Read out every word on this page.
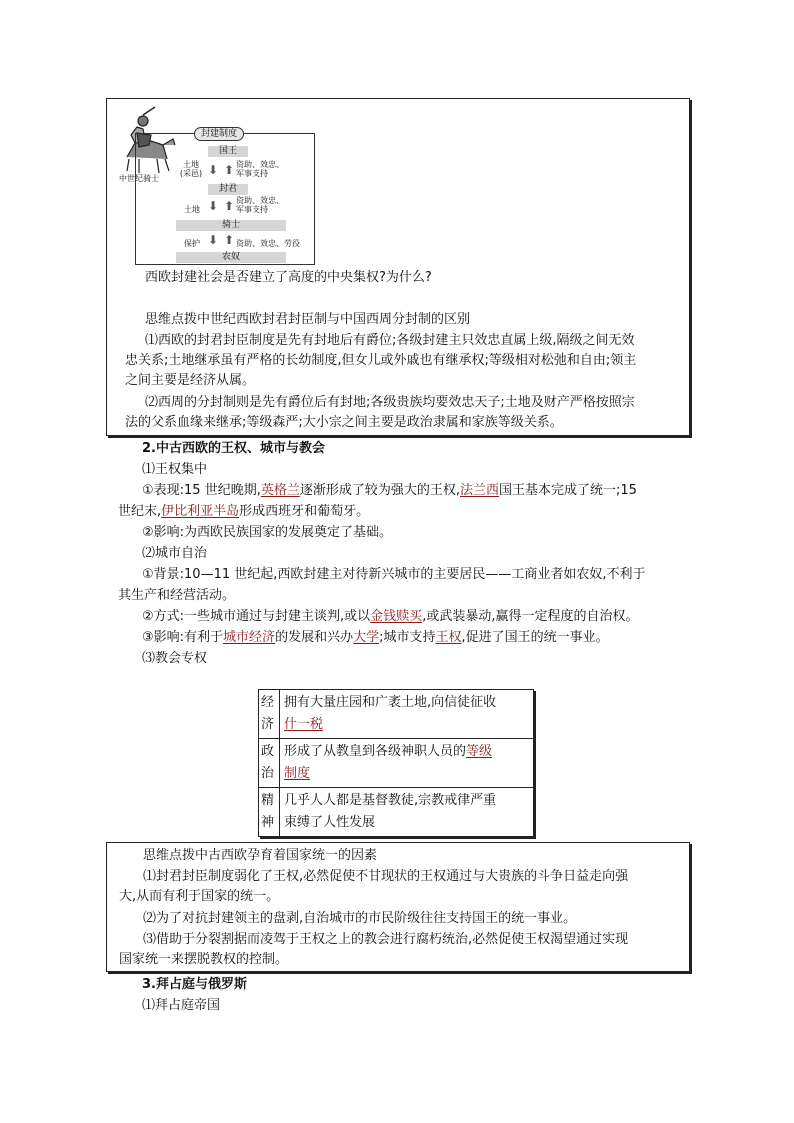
中世纪骑士
封建制度
国王
土地
(采邑) ⬇ ⬆ 资助、效忠、
军事支持
封君
土地 ⬇ ⬆ 资助、效忠、
军事支持
骑士
保护 ⬇ ⬆ 资助、效忠、劳役
农奴
西欧封建社会是否建立了高度的中央集权?为什么?
思维点拨中世纪西欧封君封臣制与中国西周分封制的区别
⑴西欧的封君封臣制度是先有封地后有爵位;各级封建主只效忠直属上级,隔级之间无效
忠关系;土地继承虽有严格的长幼制度,但女儿或外戚也有继承权;等级相对松弛和自由;领主
之间主要是经济从属。
⑵西周的分封制则是先有爵位后有封地;各级贵族均要效忠天子;土地及财产严格按照宗
法的父系血缘来继承;等级森严;大小宗之间主要是政治隶属和家族等级关系。
2.中古西欧的王权、城市与教会
⑴王权集中
①表现:15 世纪晚期,英格兰逐渐形成了较为强大的王权,法兰西国王基本完成了统一;15
世纪末,伊比利亚半岛形成西班牙和葡萄牙。
②影响:为西欧民族国家的发展奠定了基础。
⑵城市自治
①背景:10—11 世纪起,西欧封建主对待新兴城市的主要居民——工商业者如农奴,不利于
其生产和经营活动。
②方式:一些城市通过与封建主谈判,或以金钱赎买,或武装暴动,赢得一定程度的自治权。
③影响:有利于城市经济的发展和兴办大学;城市支持王权,促进了国王的统一事业。
⑶教会专权
经
济	拥有大量庄园和广袤土地,向信徒征收
什一税
政
治	形成了从教皇到各级神职人员的等级
制度
精
神	几乎人人都是基督教徒,宗教戒律严重
束缚了人性发展
思维点拨中古西欧孕育着国家统一的因素
⑴封君封臣制度弱化了王权,必然促使不甘现状的王权通过与大贵族的斗争日益走向强
大,从而有利于国家的统一。
⑵为了对抗封建领主的盘剥,自治城市的市民阶级往往支持国王的统一事业。
⑶借助于分裂割据而凌驾于王权之上的教会进行腐朽统治,必然促使王权渴望通过实现
国家统一来摆脱教权的控制。
3.拜占庭与俄罗斯
⑴拜占庭帝国
